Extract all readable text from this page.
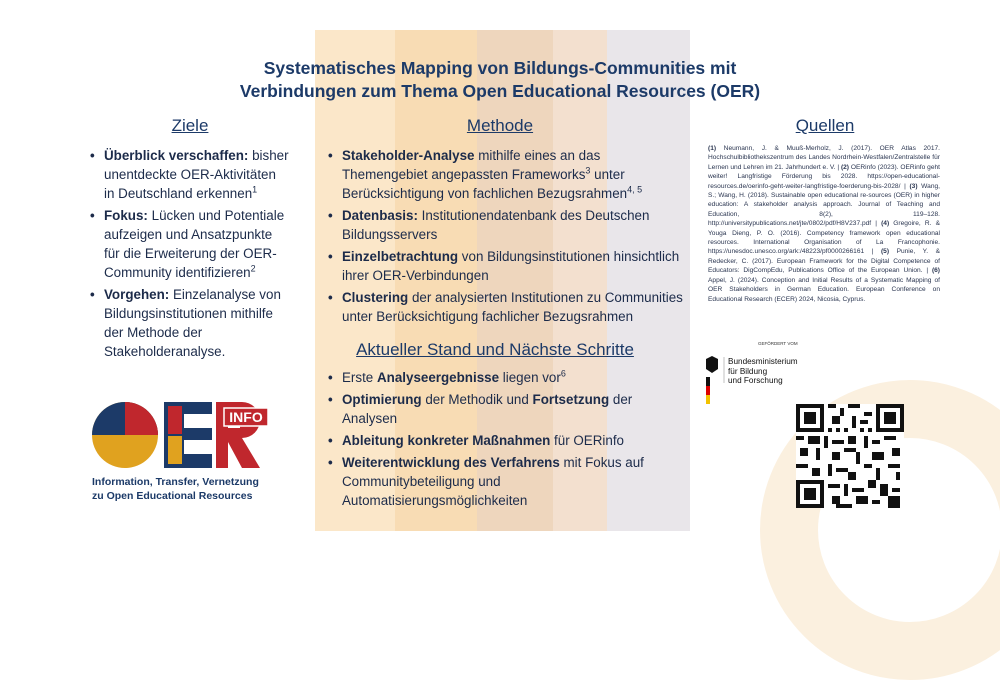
Systematisches Mapping von Bildungs-Communities mit
Verbindungen zum Thema Open Educational Resources (OER)
Ziele
• Überblick verschaffen: bisher unentdeckte OER-Aktivitäten in Deutschland erkennen$^1$
• Fokus: Lücken und Potentiale aufzeigen und Ansatzpunkte für die Erweiterung der OER-Community identifizieren$^2$
• Vorgehen: Einzelanalyse von Bildungsinstitutionen mithilfe der Methode der Stakeholderanalyse.
Methode
• Stakeholder-Analyse mithilfe eines an das Themengebiet angepassten Frameworks$^3$ unter Berücksichtigung von fachlichen Bezugsrahmen$^{4, 5}$
• Datenbasis: Institutionendatenbank des Deutschen Bildungsservers
• Einzelbetrachtung von Bildungsinstitutionen hinsichtlich ihrer OER-Verbindungen
• Clustering der analysierten Institutionen zu Communities unter Berücksichtigung fachlicher Bezugsrahmen
Aktueller Stand und Nächste Schritte
• Erste Analyseergebnisse liegen vor$^6$
• Optimierung der Methodik und Fortsetzung der Analysen
• Ableitung konkreter Maßnahmen für OERinfo
• Weiterentwicklung des Verfahrens mit Fokus auf Communitybeteiligung und Automatisierungsmöglichkeiten
Quellen
(1) Neumann, J. & Muuß-Merholz, J. (2017). OER Atlas 2017. Hochschulbibliothekszentrum des Landes Nordrhein-Westfalen/Zentralstelle für Lernen und Lehren im 21. Jahrhundert e. V. | (2) OERinfo (2023). OERinfo geht weiter! Langfristige Förderung bis 2028. https://open-educational-resources.de/oerinfo-geht-weiter-langfristige-foerderung-bis-2028/ | (3) Wang, S.; Wang, H. (2018). Sustainable open educational re-sources (OER) in higher education: A stakeholder analysis approach. Journal of Teaching and Education, 8(2), 119–128. http://universitypublications.net/jte/0802/pdf/H8V237.pdf | (4) Gregoire, R. & Youga Dieng, P. O. (2016). Competency framework open educational resources. International Organisation of La Francophonie. https://unesdoc.unesco.org/ark:/48223/pf0000266161 | (5) Punie, Y. & Redecker, C. (2017). European Framework for the Digital Competence of Educators: DigCompEdu, Publications Office of the European Union. | (6) Appel, J. (2024). Conception and Initial Results of a Systematic Mapping of OER Stakeholders in German Education. European Conference on Educational Research (ECER) 2024, Nicosia, Cyprus.
INFO
Information, Transfer, Vernetzung
zu Open Educational Resources
GEFÖRDERT VOM
Bundesministerium
für Bildung
und Forschung
